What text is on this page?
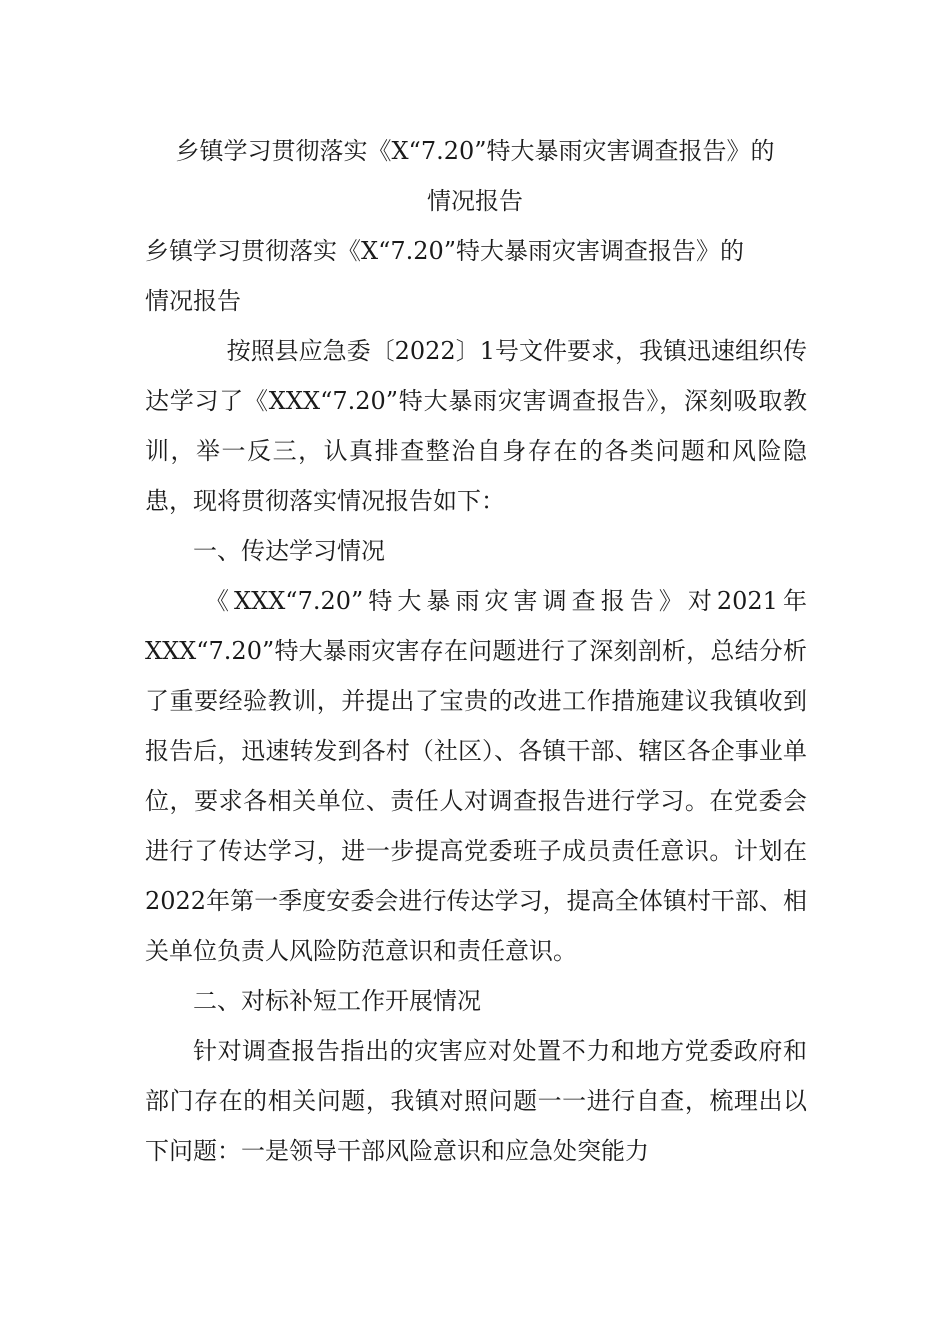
乡镇学习贯彻落实《X“7.20”特大暴雨灾害调查报告》的
情况报告

乡镇学习贯彻落实《X“7.20”特大暴雨灾害调查报告》的

情况报告

按照县应急委〔2022〕1号文件要求，我镇迅速组织传达学习了《XXX“7.20”特大暴雨灾害调查报告》，深刻吸取教训，举一反三，认真排查整治自身存在的各类问题和风险隐患，现将贯彻落实情况报告如下：

一、传达学习情况

《XXX“7.20”特大暴雨灾害调查报告》对2021年XXX“7.20”特大暴雨灾害存在问题进行了深刻剖析，总结分析了重要经验教训，并提出了宝贵的改进工作措施建议我镇收到报告后，迅速转发到各村（社区）、各镇干部、辖区各企事业单位，要求各相关单位、责任人对调查报告进行学习。在党委会进行了传达学习，进一步提高党委班子成员责任意识。计划在2022年第一季度安委会进行传达学习，提高全体镇村干部、相关单位负责人风险防范意识和责任意识。

二、对标补短工作开展情况

针对调查报告指出的灾害应对处置不力和地方党委政府和部门存在的相关问题，我镇对照问题一一进行自查，梳理出以下问题：一是领导干部风险意识和应急处突能力
